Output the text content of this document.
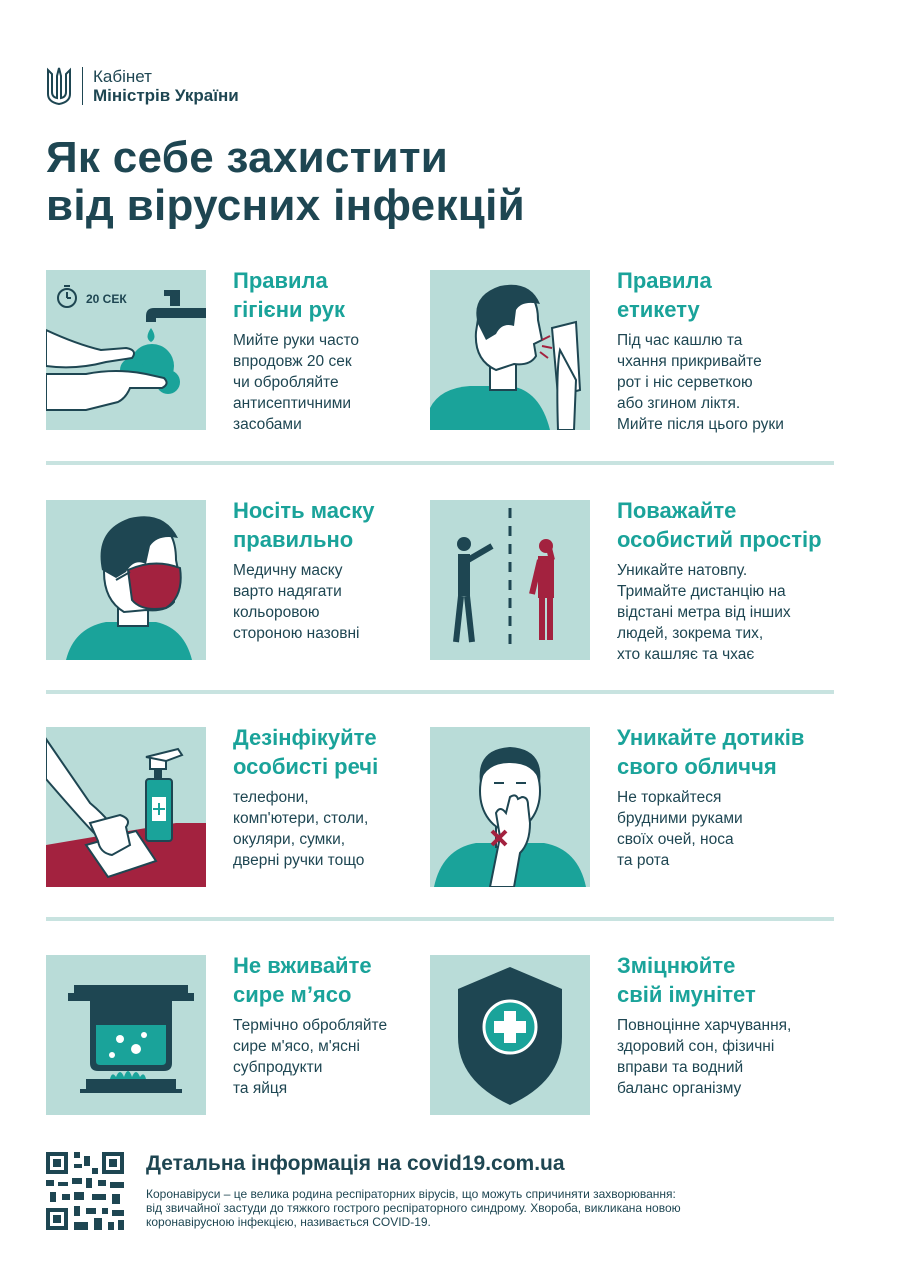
Кабінет
Міністрів України
Як себе захистити
від вірусних інфекцій
20 СЕК
Правила
гігієни рук
Мийте руки часто
впродовж 20 сек
чи обробляйте
антисептичними
засобами
Правила
етикету
Під час кашлю та
чхання прикривайте
рот і ніс серветкою
або згином ліктя.
Мийте після цього руки
Носіть маску
правильно
Медичну маску
варто надягати
кольоровою
стороною назовні
Поважайте
особистий простір
Уникайте натовпу.
Тримайте дистанцію на
відстані метра від інших
людей, зокрема тих,
хто кашляє та чхає
Дезінфікуйте
особисті речі
телефони,
комп'ютери, столи,
окуляри, сумки,
дверні ручки тощо
Уникайте дотиків
свого обличчя
Не торкайтеся
брудними руками
своїх очей, носа
та рота
Не вживайте
сире м’ясо
Термічно обробляйте
сире м'ясо, м'ясні
субпродукти
та яйця
Зміцнюйте
свій імунітет
Повноцінне харчування,
здоровий сон, фізичні
вправи та водний
баланс організму
Детальна інформація на covid19.com.ua
Коронавіруси – це велика родина респіраторних вірусів, що можуть спричиняти захворювання:
від звичайної застуди до тяжкого гострого респіраторного синдрому. Хвороба, викликана новою
коронавірусною інфекцією, називається COVID-19.
